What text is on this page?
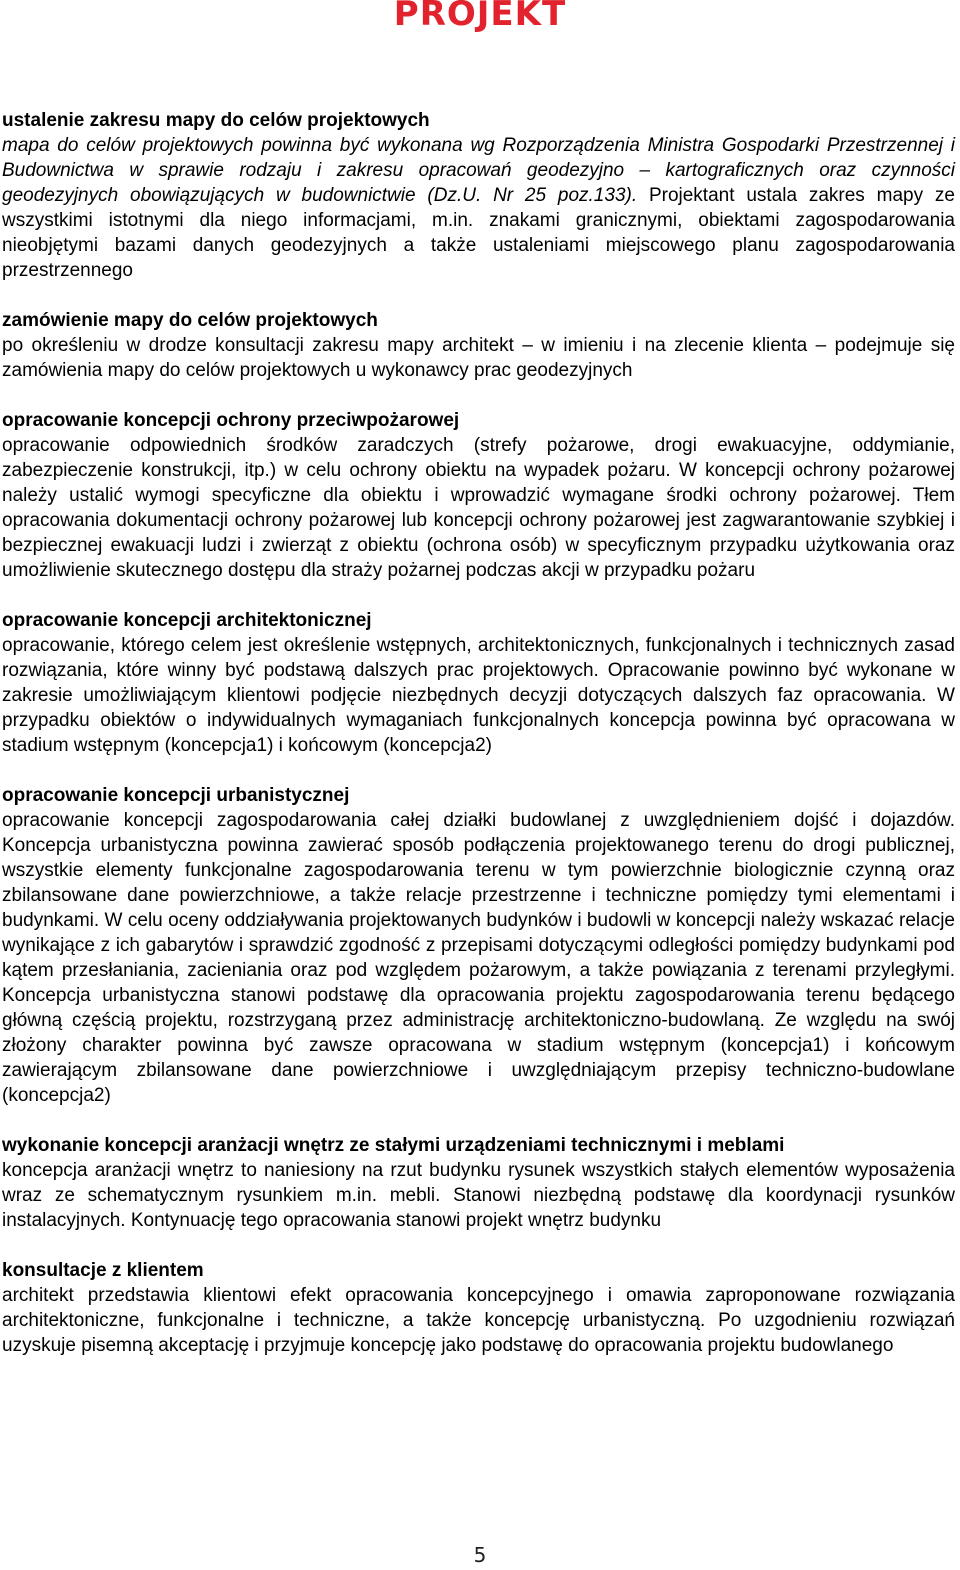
PROJEKT

ustalenie zakresu mapy do celów projektowych

mapa do celów projektowych powinna być wykonana wg Rozporządzenia Ministra Gospodarki Przestrzennej i Budownictwa w sprawie rodzaju i zakresu opracowań geodezyjno – kartograficznych oraz czynności geodezyjnych obowiązujących w budownictwie (Dz.U. Nr 25 poz.133). Projektant ustala zakres mapy ze wszystkimi istotnymi dla niego informacjami, m.in. znakami granicznymi, obiektami zagospodarowania nieobjętymi bazami danych geodezyjnych a także ustaleniami miejscowego planu zagospodarowania przestrzennego

zamówienie mapy do celów projektowych

po określeniu w drodze konsultacji zakresu mapy architekt – w imieniu i na zlecenie klienta – podejmuje się zamówienia mapy do celów projektowych u wykonawcy prac geodezyjnych

opracowanie koncepcji ochrony przeciwpożarowej

opracowanie odpowiednich środków zaradczych (strefy pożarowe, drogi ewakuacyjne, oddymianie, zabezpieczenie konstrukcji, itp.) w celu ochrony obiektu na wypadek pożaru. W koncepcji ochrony pożarowej należy ustalić wymogi specyficzne dla obiektu i wprowadzić wymagane środki ochrony pożarowej. Tłem opracowania dokumentacji ochrony pożarowej lub koncepcji ochrony pożarowej jest zagwarantowanie szybkiej i bezpiecznej ewakuacji ludzi i zwierząt z obiektu (ochrona osób) w specyficznym przypadku użytkowania oraz umożliwienie skutecznego dostępu dla straży pożarnej podczas akcji w przypadku pożaru

opracowanie koncepcji architektonicznej

opracowanie, którego celem jest określenie wstępnych, architektonicznych, funkcjonalnych i technicznych zasad rozwiązania, które winny być podstawą dalszych prac projektowych. Opracowanie powinno być wykonane w zakresie umożliwiającym klientowi podjęcie niezbędnych decyzji dotyczących dalszych faz opracowania. W przypadku obiektów o indywidualnych wymaganiach funkcjonalnych koncepcja powinna być opracowana w stadium wstępnym (koncepcja1) i końcowym (koncepcja2)

opracowanie koncepcji urbanistycznej

opracowanie koncepcji zagospodarowania całej działki budowlanej z uwzględnieniem dojść i dojazdów. Koncepcja urbanistyczna powinna zawierać sposób podłączenia projektowanego terenu do drogi publicznej, wszystkie elementy funkcjonalne zagospodarowania terenu w tym powierzchnie biologicznie czynną oraz zbilansowane dane powierzchniowe, a także relacje przestrzenne i techniczne pomiędzy tymi elementami i budynkami. W celu oceny oddziaływania projektowanych budynków i budowli w koncepcji należy wskazać relacje wynikające z ich gabarytów i sprawdzić zgodność z przepisami dotyczącymi odległości pomiędzy budynkami pod kątem przesłaniania, zacieniania oraz pod względem pożarowym, a także powiązania z terenami przyległymi. Koncepcja urbanistyczna stanowi podstawę dla opracowania projektu zagospodarowania terenu będącego główną częścią projektu, rozstrzyganą przez administrację architektoniczno-budowlaną. Ze względu na swój złożony charakter powinna być zawsze opracowana w stadium wstępnym (koncepcja1) i końcowym zawierającym zbilansowane dane powierzchniowe i uwzględniającym przepisy techniczno-budowlane (koncepcja2)

wykonanie koncepcji aranżacji wnętrz ze stałymi urządzeniami technicznymi i meblami

koncepcja aranżacji wnętrz to naniesiony na rzut budynku rysunek wszystkich stałych elementów wyposażenia wraz ze schematycznym rysunkiem m.in. mebli. Stanowi niezbędną podstawę dla koordynacji rysunków instalacyjnych. Kontynuację tego opracowania stanowi projekt wnętrz budynku

konsultacje z klientem

architekt przedstawia klientowi efekt opracowania koncepcyjnego i omawia zaproponowane rozwiązania architektoniczne, funkcjonalne i techniczne, a także koncepcję urbanistyczną. Po uzgodnieniu rozwiązań uzyskuje pisemną akceptację i przyjmuje koncepcję jako podstawę do opracowania projektu budowlanego

5
